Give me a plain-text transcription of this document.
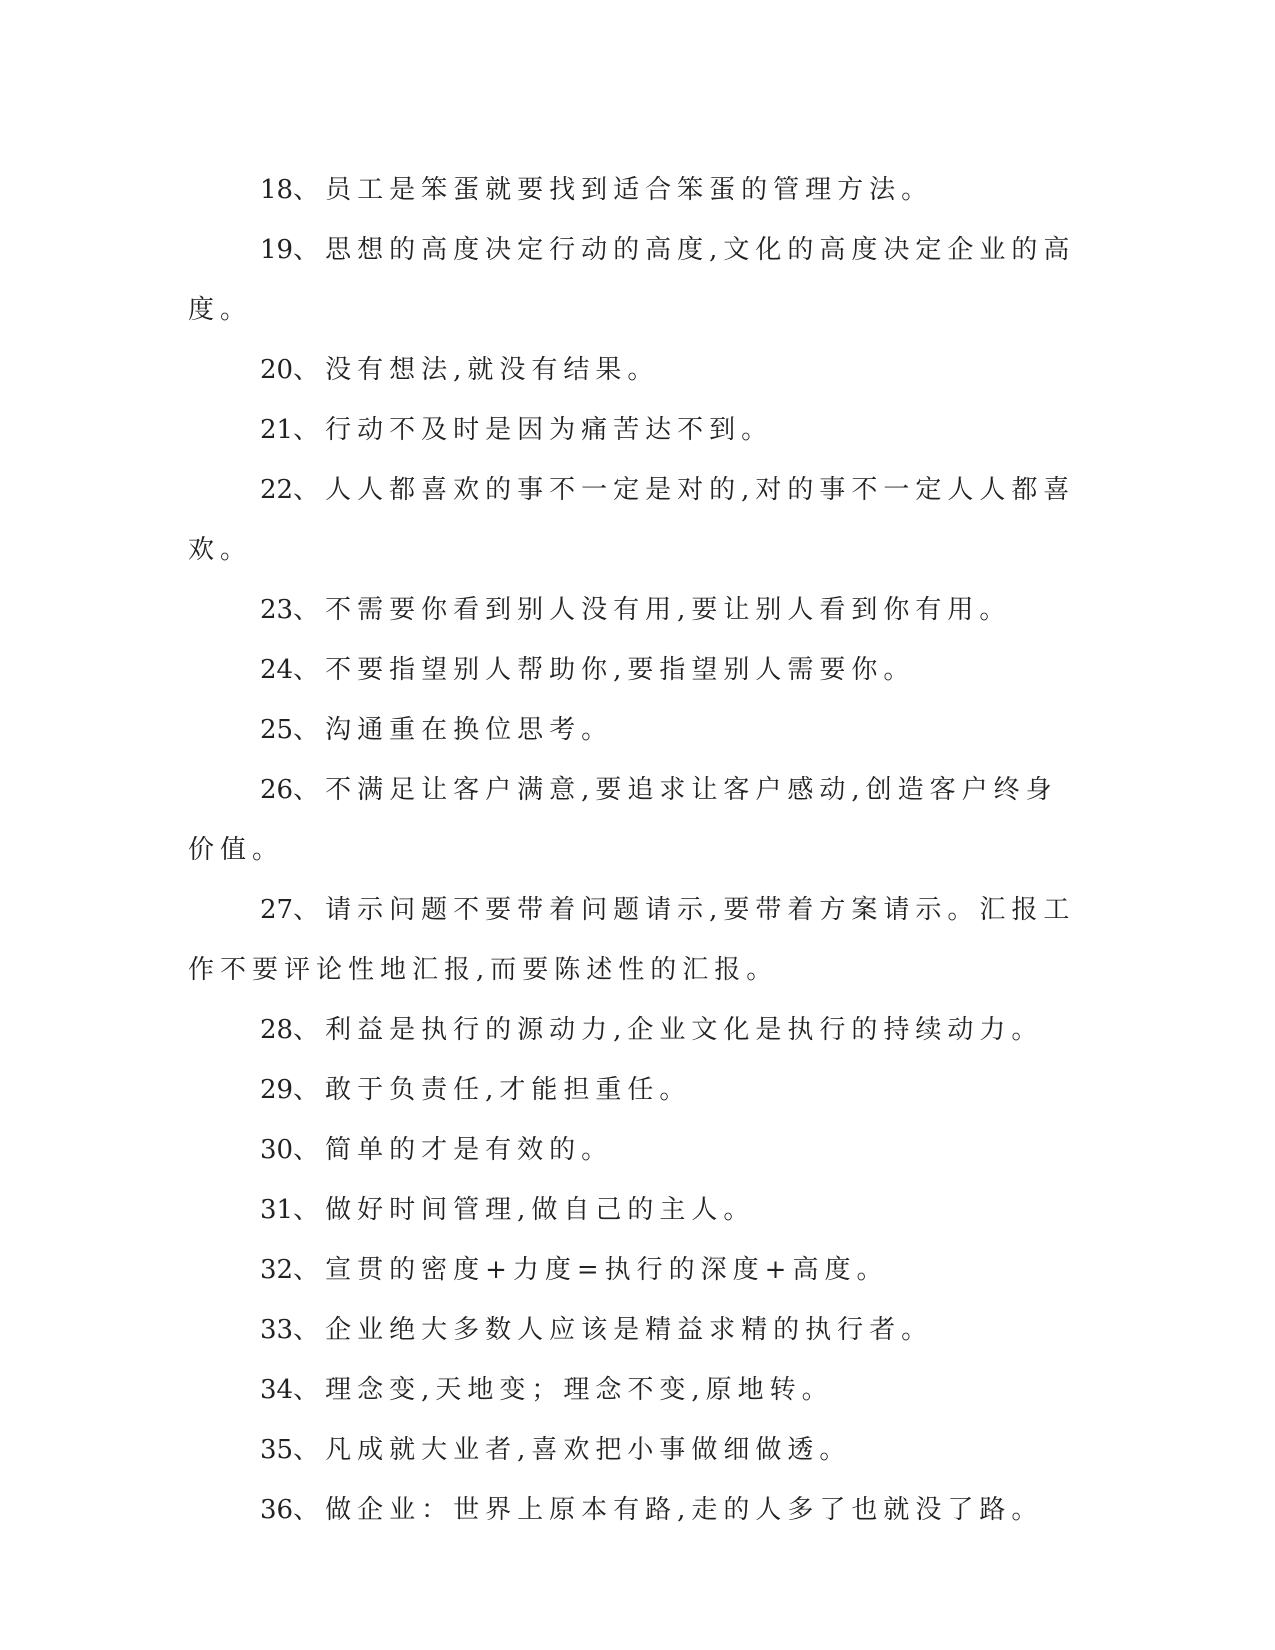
18、员工是笨蛋就要找到适合笨蛋的管理方法。

19、思想的高度决定行动的高度,文化的高度决定企业的高度。

20、没有想法,就没有结果。

21、行动不及时是因为痛苦达不到。

22、人人都喜欢的事不一定是对的,对的事不一定人人都喜欢。

23、不需要你看到别人没有用,要让别人看到你有用。

24、不要指望别人帮助你,要指望别人需要你。

25、沟通重在换位思考。

26、不满足让客户满意,要追求让客户感动,创造客户终身价值。

27、请示问题不要带着问题请示,要带着方案请示。汇报工作不要评论性地汇报,而要陈述性的汇报。

28、利益是执行的源动力,企业文化是执行的持续动力。

29、敢于负责任,才能担重任。

30、简单的才是有效的。

31、做好时间管理,做自己的主人。

32、宣贯的密度+力度=执行的深度+高度。

33、企业绝大多数人应该是精益求精的执行者。

34、理念变,天地变；理念不变,原地转。

35、凡成就大业者,喜欢把小事做细做透。

36、做企业：世界上原本有路,走的人多了也就没了路。
